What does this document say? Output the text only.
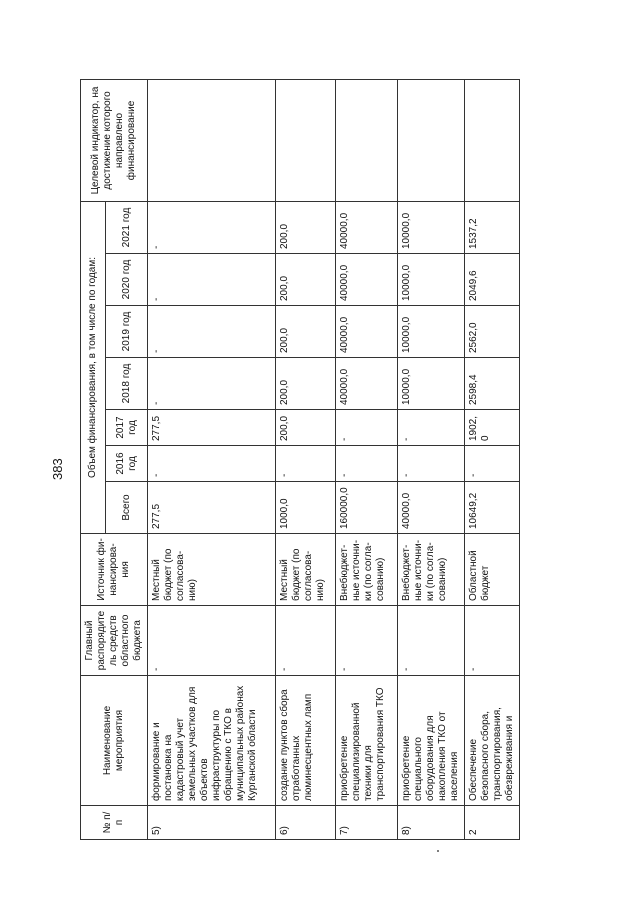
383
№ п/п	Наименование мероприятия	Главный распорядитель средств областного бюджета	Источник фи-нансирова-ния	Объем финансирования, в том числе по годам:							Целевой индикатор, на достижение которого направлено финансирование
				Всего	2016 год	2017 год	2018 год	2019 год	2020 год	2021 год	
5)	формирование и постановка на кадастровый учет земельных участков для объектов инфраструктуры по обращению с ТКО в муниципальных районах Курганской области	-	Местный бюджет (по согласова-нию)	277,5	-	277,5	-	-	-	-	
6)	создание пунктов сбора отработанных люминесцентных ламп	-	Местный бюджет (по согласова-нию)	1000,0	-	200,0	200,0	200,0	200,0	200,0	
7)	приобретение специализированной техники для транспортирования ТКО	-	Внебюджет-ные источни-ки (по согла-сованию)	160000,0	-	-	40000,0	40000,0	40000,0	40000,0	
8)	приобретение специального оборудования для накопления ТКО от населения	-	Внебюджет-ные источни-ки (по согла-сованию)	40000,0	-	-	10000,0	10000,0	10000,0	10000,0	
2	Обеспечение безопасного сбора, транспортирования, обезвреживания и	-	Областной бюджет	10649,2	-	1902,0	2598,4	2562,0	2049,6	1537,2	
